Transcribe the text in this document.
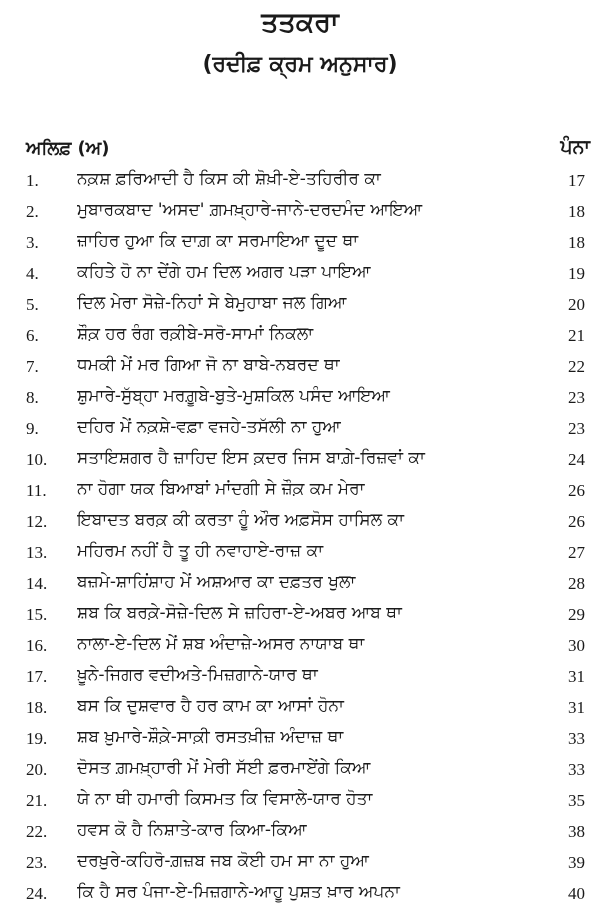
ਤਤਕਰਾ
(ਰਦੀਫ਼ ਕ੍ਰਮ ਅਨੁਸਾਰ)
ਅਲਿਫ਼ (ਅ)	ਪੰਨਾ
1. ਨਕ਼ਸ਼ ਫ਼ਰਿਆਦੀ ਹੈ ਕਿਸ ਕੀ ਸ਼ੋਖ਼ੀ-ਏ-ਤਹਿਰੀਰ ਕਾ	17
2. ਮੁਬਾਰਕਬਾਦ 'ਅਸਦ' ਗ਼ਮਖ਼੍ਹਾਰੇ-ਜਾਨੇ-ਦਰਦਮੰਦ ਆਇਆ	18
3. ਜ਼ਾਹਿਰ ਹੁਆ ਕਿ ਦਾਗ਼ ਕਾ ਸਰਮਾਇਆ ਦੂਦ ਥਾ	18
4. ਕਹਿਤੇ ਹੋ ਨਾ ਦੇਂਗੇ ਹਮ ਦਿਲ ਅਗਰ ਪੜਾ ਪਾਇਆ	19
5. ਦਿਲ ਮੇਰਾ ਸੋਜ਼ੇ-ਨਿਹਾਂ ਸੇ ਬੇਮੁਹਾਬਾ ਜਲ ਗਿਆ	20
6. ਸ਼ੌਕ਼ ਹਰ ਰੰਗ ਰਕ਼ੀਬੇ-ਸਰੋ-ਸਾਮਾਂ ਨਿਕਲਾ	21
7. ਧਮਕੀ ਮੇਂ ਮਰ ਗਿਆ ਜੋ ਨਾ ਬਾਬੇ-ਨਬਰਦ ਥਾ	22
8. ਸ਼ੁਮਾਰੇ-ਸੁੱਬ੍ਹਾ ਮਰਗ਼ੂਬੇ-ਬੁਤੇ-ਮੁਸ਼ਕਿਲ ਪਸੰਦ ਆਇਆ	23
9. ਦਹਿਰ ਮੇਂ ਨਕ਼ਸ਼ੇ-ਵਫ਼ਾ ਵਜਹੇ-ਤਸੱਲੀ ਨਾ ਹੁਆ	23
10. ਸਤਾਇਸ਼ਗਰ ਹੈ ਜ਼ਾਹਿਦ ਇਸ ਕ਼ਦਰ ਜਿਸ ਬਾਗ਼ੇ-ਰਿਜ਼ਵਾਂ ਕਾ	24
11. ਨਾ ਹੋਗਾ ਯਕ ਬਿਆਬਾਂ ਮਾਂਦਗੀ ਸੇ ਜ਼ੌਕ਼ ਕਮ ਮੇਰਾ	26
12. ਇਬਾਦਤ ਬਰਕ਼ ਕੀ ਕਰਤਾ ਹੂੰ ਔਰ ਅਫ਼ਸੋਸ ਹਾਸਿਲ ਕਾ	26
13. ਮਹਿਰਮ ਨਹੀਂ ਹੈ ਤੂ ਹੀ ਨਵਾਹਾਏ-ਰਾਜ਼ ਕਾ	27
14. ਬਜ਼ਮੇ-ਸ਼ਾਹਿਂਸ਼ਾਹ ਮੇਂ ਅਸ਼ਆਰ ਕਾ ਦਫ਼ਤਰ ਖੁਲਾ	28
15. ਸ਼ਬ ਕਿ ਬਰਕ਼ੇ-ਸੋਜ਼ੇ-ਦਿਲ ਸੇ ਜ਼ਹਿਰਾ-ਏ-ਅਬਰ ਆਬ ਥਾ	29
16. ਨਾਲਾ-ਏ-ਦਿਲ ਮੇਂ ਸ਼ਬ ਅੰਦਾਜ਼ੇ-ਅਸਰ ਨਾਯਾਬ ਥਾ	30
17. ਖ਼ੂਨੇ-ਜਿਗਰ ਵਦੀਅਤੇ-ਮਿਜ਼ਗਾਨੇ-ਯਾਰ ਥਾ	31
18. ਬਸ ਕਿ ਦੁਸ਼ਵਾਰ ਹੈ ਹਰ ਕਾਮ ਕਾ ਆਸਾਂ ਹੋਨਾ	31
19. ਸ਼ਬ ਖ਼ੁਮਾਰੇ-ਸ਼ੌਕ਼ੇ-ਸਾਕ਼ੀ ਰਸਤਖ਼ੀਜ਼ ਅੰਦਾਜ਼ ਥਾ	33
20. ਦੋਸਤ ਗ਼ਮਖ਼੍ਹਾਰੀ ਮੇਂ ਮੇਰੀ ਸੱਈ ਫ਼ਰਮਾਏਂਗੇ ਕਿਆ	33
21. ਯੇ ਨਾ ਥੀ ਹਮਾਰੀ ਕਿਸਮਤ ਕਿ ਵਿਸਾਲੇ-ਯਾਰ ਹੋਤਾ	35
22. ਹਵਸ ਕੋ ਹੈ ਨਿਸ਼ਾਤੇ-ਕਾਰ ਕਿਆ-ਕਿਆ	38
23. ਦਰਖ਼ੁਰੇ-ਕਹਿਰੋ-ਗ਼ਜ਼ਬ ਜਬ ਕੋਈ ਹਮ ਸਾ ਨਾ ਹੁਆ	39
24. ਕਿ ਹੈ ਸਰ ਪੰਜਾ-ਏ-ਮਿਜ਼ਗਾਨੇ-ਆਹੂ ਪੁਸ਼ਤ ਖ਼ਾਰ ਅਪਨਾ	40
